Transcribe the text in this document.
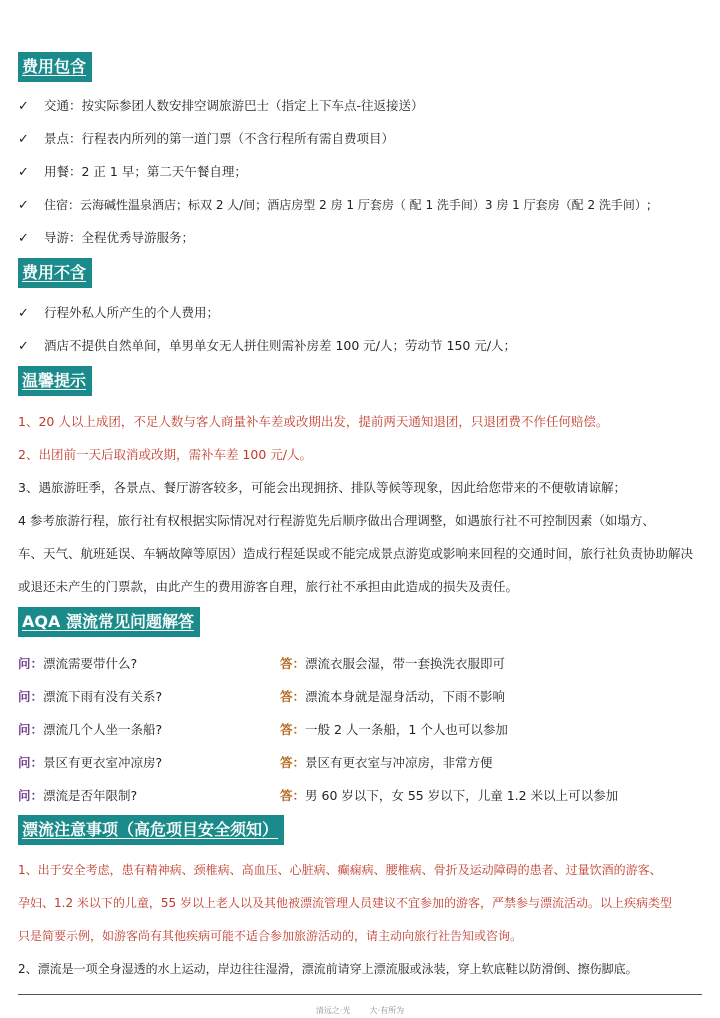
费用包含
✓ 交通：按实际参团人数安排空调旅游巴士（指定上下车点-往返接送）
✓ 景点：行程表内所列的第一道门票（不含行程所有需自费项目）
✓ 用餐：2 正 1 早；第二天午餐自理；
✓ 住宿：云海碱性温泉酒店；标双 2 人/间；酒店房型 2 房 1 厅套房（ 配 1 洗手间）3 房 1 厅套房（配 2 洗手间）;
✓ 导游：全程优秀导游服务；
费用不含
✓ 行程外私人所产生的个人费用；
✓ 酒店不提供自然单间，单男单女无人拼住则需补房差 100 元/人；劳动节 150 元/人；
温馨提示
1、20 人以上成团，不足人数与客人商量补车差或改期出发，提前两天通知退团，只退团费不作任何赔偿。
2、出团前一天后取消或改期，需补车差 100 元/人。
3、遇旅游旺季，各景点、餐厅游客较多，可能会出现拥挤、排队等候等现象，因此给您带来的不便敬请谅解；
4 参考旅游行程，旅行社有权根据实际情况对行程游览先后顺序做出合理调整，如遇旅行社不可控制因素（如塌方、
车、天气、航班延误、车辆故障等原因）造成行程延误或不能完成景点游览或影响来回程的交通时间，旅行社负责协助解决
或退还未产生的门票款，由此产生的费用游客自理，旅行社不承担由此造成的损失及责任。
AQA 漂流常见问题解答
问：漂流需要带什么?	答：漂流衣服会湿，带一套换洗衣服即可
问：漂流下雨有没有关系?	答：漂流本身就是湿身活动，下雨不影响
问：漂流几个人坐一条船?	答：一般 2 人一条船，1 个人也可以参加
问：景区有更衣室冲凉房?	答：景区有更衣室与冲凉房，非常方便
问：漂流是否年限制?	答：男 60 岁以下，女 55 岁以下，儿童 1.2 米以上可以参加
漂流注意事项（高危项目安全须知）
1、出于安全考虑，患有精神病、颈椎病、高血压、心脏病、癫痫病、腰椎病、骨折及运动障碍的患者、过量饮酒的游客、
孕妇、1.2 米以下的儿童，55 岁以上老人以及其他被漂流管理人员建议不宜参加的游客，严禁参与漂流活动。以上疾病类型
只是简要示例，如游客尚有其他疾病可能不适合参加旅游活动的，请主动向旅行社告知或咨询。
2、漂流是一项全身湿透的水上运动，岸边往往湿滑，漂流前请穿上漂流服或泳装，穿上软底鞋以防滑倒、擦伤脚底。
清远之·光 大·有所为
